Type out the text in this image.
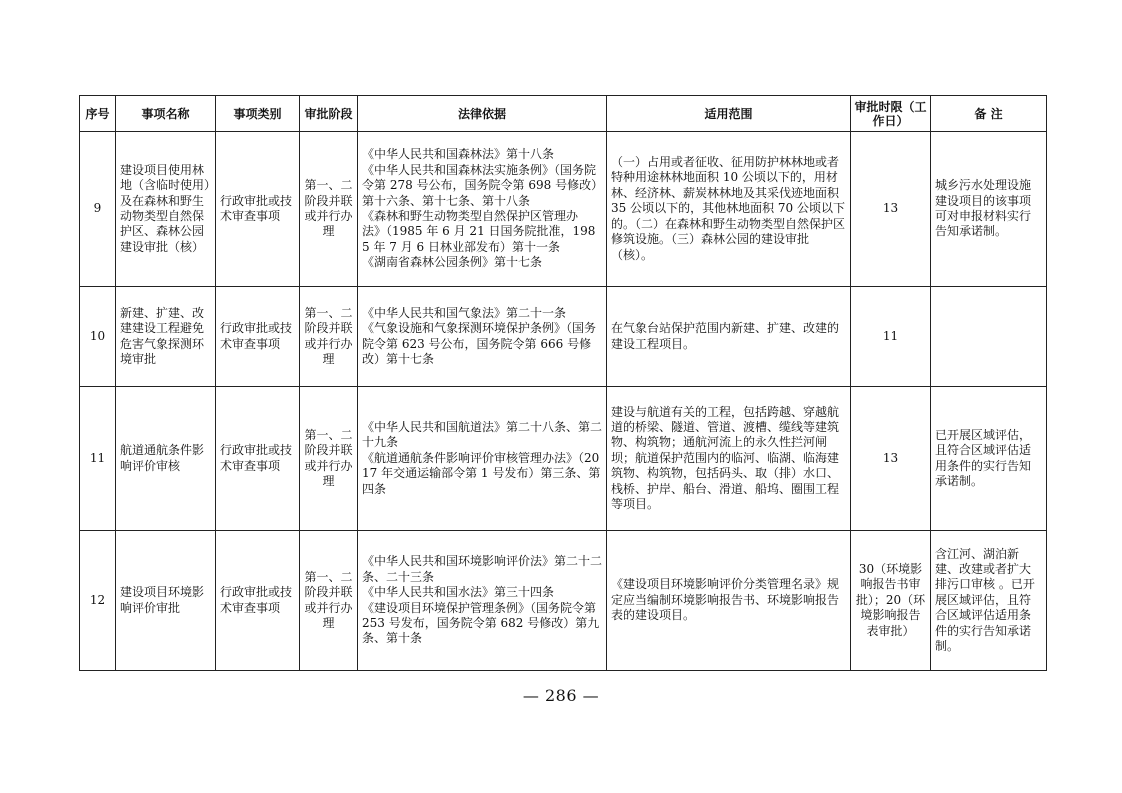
序号	事项名称	事项类别	审批阶段	法律依据	适用范围	审批时限（工作日）	备 注
9	建设项目使用林地（含临时使用）及在森林和野生动物类型自然保护区、森林公园建设审批（核）	行政审批或技术审查事项	第一、二阶段并联或并行办理	《中华人民共和国森林法》第十八条
《中华人民共和国森林法实施条例》（国务院令第 278 号公布，国务院令第 698 号修改）第十六条、第十七条、第十八条
《森林和野生动物类型自然保护区管理办法》（1985 年 6 月 21 日国务院批准，1985 年 7 月 6 日林业部发布）第十一条
《湖南省森林公园条例》第十七条	（一）占用或者征收、征用防护林林地或者特种用途林林地面积 10 公顷以下的，用材林、经济林、薪炭林林地及其采伐迹地面积 35 公顷以下的，其他林地面积 70 公顷以下的。（二）在森林和野生动物类型自然保护区修筑设施。（三）森林公园的建设审批（核）。	13	城乡污水处理设施建设项目的该事项可对申报材料实行告知承诺制。
10	新建、扩建、改建建设工程避免危害气象探测环境审批	行政审批或技术审查事项	第一、二阶段并联或并行办理	《中华人民共和国气象法》第二十一条
《气象设施和气象探测环境保护条例》（国务院令第 623 号公布，国务院令第 666 号修改）第十七条	在气象台站保护范围内新建、扩建、改建的建设工程项目。	11	
11	航道通航条件影响评价审核	行政审批或技术审查事项	第一、二阶段并联或并行办理	《中华人民共和国航道法》第二十八条、第二十九条
《航道通航条件影响评价审核管理办法》（2017 年交通运输部令第 1 号发布）第三条、第四条	建设与航道有关的工程，包括跨越、穿越航道的桥梁、隧道、管道、渡槽、缆线等建筑物、构筑物；通航河流上的永久性拦河闸坝；航道保护范围内的临河、临湖、临海建筑物、构筑物，包括码头、取（排）水口、栈桥、护岸、船台、滑道、船坞、圈围工程等项目。	13	已开展区域评估，且符合区域评估适用条件的实行告知承诺制。
12	建设项目环境影响评价审批	行政审批或技术审查事项	第一、二阶段并联或并行办理	《中华人民共和国环境影响评价法》第二十二条、二十三条
《中华人民共和国水法》第三十四条
《建设项目环境保护管理条例》（国务院令第 253 号发布，国务院令第 682 号修改）第九条、第十条	《建设项目环境影响评价分类管理名录》规定应当编制环境影响报告书、环境影响报告表的建设项目。	30（环境影响报告书审批）；20（环境影响报告表审批）	含江河、湖泊新建、改建或者扩大排污口审核 。已开展区域评估，且符合区域评估适用条件的实行告知承诺制。
— 286 —
